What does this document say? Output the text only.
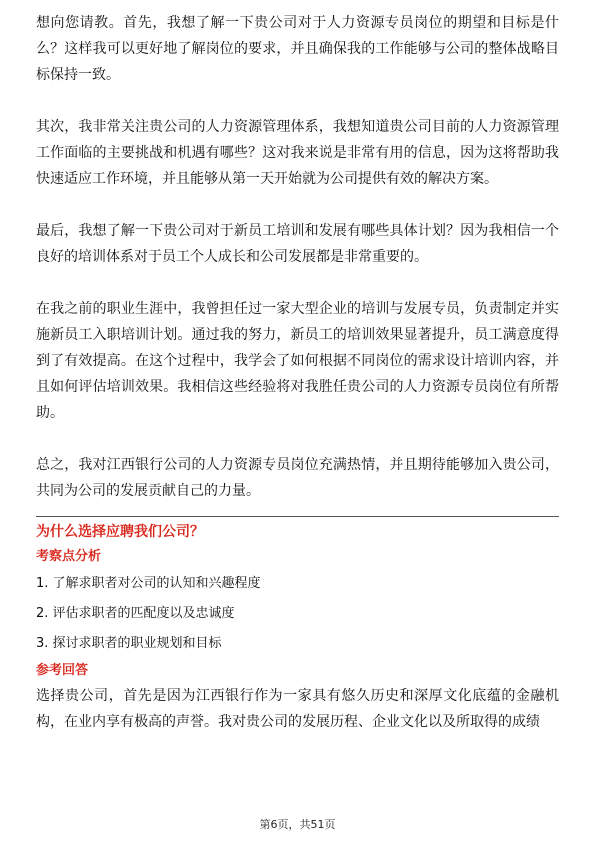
想向您请教。首先，我想了解一下贵公司对于人力资源专员岗位的期望和目标是什么？这样我可以更好地了解岗位的要求，并且确保我的工作能够与公司的整体战略目标保持一致。

其次，我非常关注贵公司的人力资源管理体系，我想知道贵公司目前的人力资源管理工作面临的主要挑战和机遇有哪些？这对我来说是非常有用的信息，因为这将帮助我快速适应工作环境，并且能够从第一天开始就为公司提供有效的解决方案。

最后，我想了解一下贵公司对于新员工培训和发展有哪些具体计划？因为我相信一个良好的培训体系对于员工个人成长和公司发展都是非常重要的。

在我之前的职业生涯中，我曾担任过一家大型企业的培训与发展专员，负责制定并实施新员工入职培训计划。通过我的努力，新员工的培训效果显著提升，员工满意度得到了有效提高。在这个过程中，我学会了如何根据不同岗位的需求设计培训内容，并且如何评估培训效果。我相信这些经验将对我胜任贵公司的人力资源专员岗位有所帮助。

总之，我对江西银行公司的人力资源专员岗位充满热情，并且期待能够加入贵公司，共同为公司的发展贡献自己的力量。

为什么选择应聘我们公司？
考察点分析
1. 了解求职者对公司的认知和兴趣程度
2. 评估求职者的匹配度以及忠诚度
3. 探讨求职者的职业规划和目标
参考回答

选择贵公司，首先是因为江西银行作为一家具有悠久历史和深厚文化底蕴的金融机构，在业内享有极高的声誉。我对贵公司的发展历程、企业文化以及所取得的成绩

第6页，共51页
